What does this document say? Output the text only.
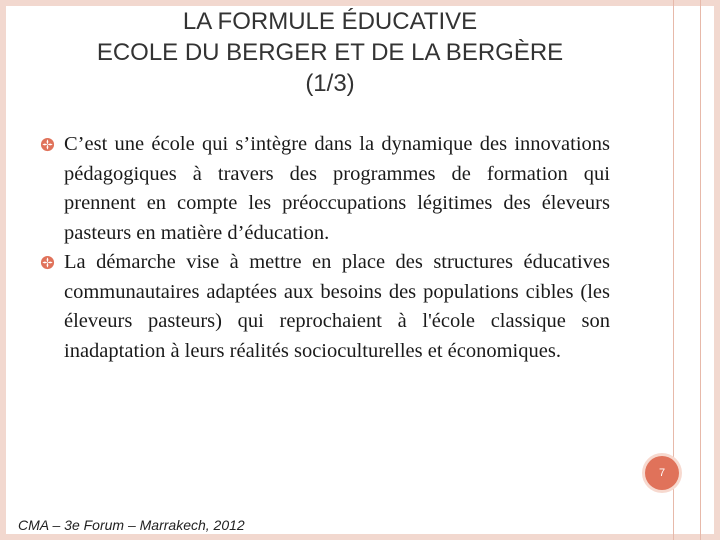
LA FORMULE ÉDUCATIVE
ECOLE DU BERGER ET DE LA BERGÈRE
(1/3)
C’est une école qui s’intègre dans la dynamique des innovations pédagogiques à travers des programmes de formation qui prennent en compte les préoccupations légitimes des éleveurs pasteurs en matière d’éducation.
La démarche vise à mettre en place des structures éducatives communautaires adaptées aux besoins des populations cibles (les éleveurs pasteurs) qui reprochaient à l'école classique son inadaptation à leurs réalités socioculturelles et économiques.
7
CMA – 3e Forum – Marrakech, 2012
